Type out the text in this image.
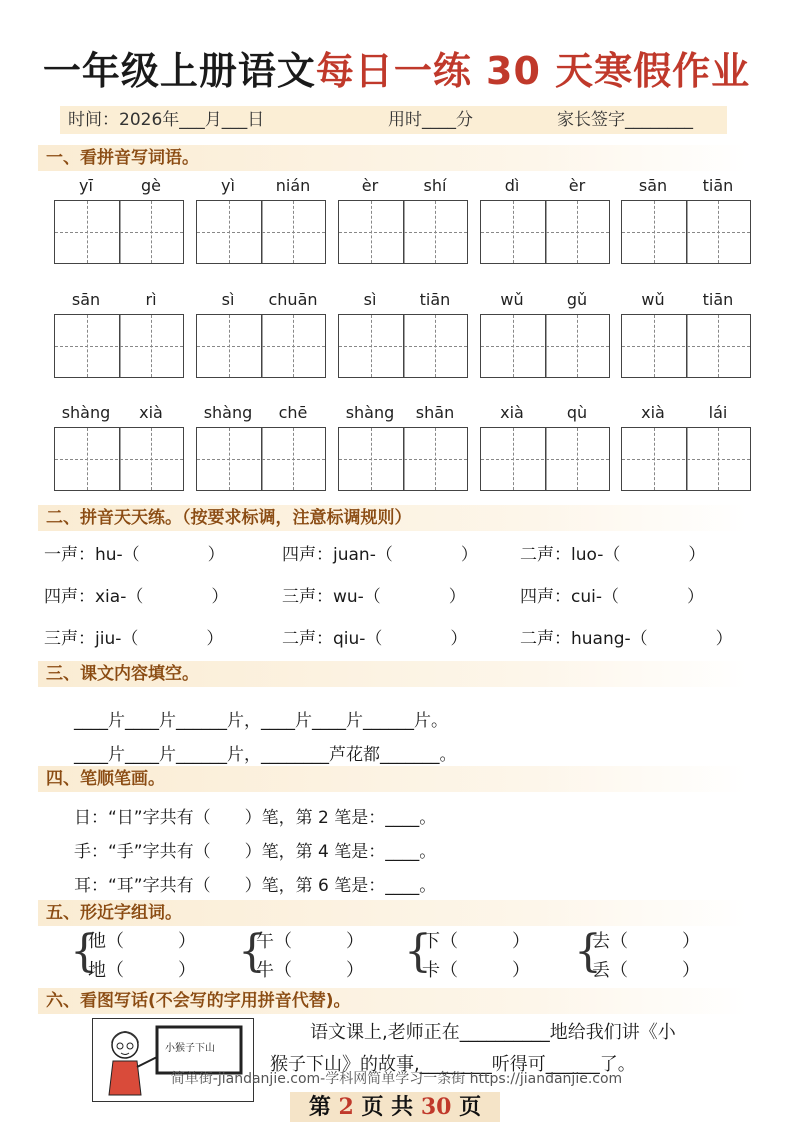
一年级上册语文每日一练 30 天寒假作业
时间：2026年___月___日	用时____分	家长签字________
一、看拼音写词语。
yī	gè	yì	nián	èr	shí	dì	èr	sān	tiān
sān	rì	sì	chuān	sì	tiān	wǔ	gǔ	wǔ	tiān
shàng	xià	shàng	chē	shàng	shān	xià	qù	xià	lái
二、拼音天天练。（按要求标调，注意标调规则）
一声：hu-（　　　　）	四声：juan-（　　　　） 二声：luo-（　　　　）
四声：xia-（　　　　）	三声：wu-（　　　　）	四声：cui-（　　　　）
三声：jiu-（　　　　）	二声：qiu-（　　　　）	二声：huang-（　　　　）
三、课文内容填空。
____片____片______片，____片____片______片。
____片____片______片，________芦花都_______。
四、笔顺笔画。
日：“日”字共有（　　）笔，第 2 笔是：____。
手：“手”字共有（　　）笔，第 4 笔是：____。
耳：“耳”字共有（　　）笔，第 6 笔是：____。
五、形近字组词。
{
他（　　　）
地（　　　） {
午（　　　）
牛（　　　） {
下（　　　）
卡（　　　） {
去（　　　）
丢（　　　）
六、看图写话(不会写的字用拼音代替)。
小猴子下山
语文课上,老师正在__________地给我们讲《小
猴子下山》的故事,________听得可______了。
简单街-jiandanjie.com-学科网简单学习一条街 https://jiandanjie.com
第 2 页 共 30 页
